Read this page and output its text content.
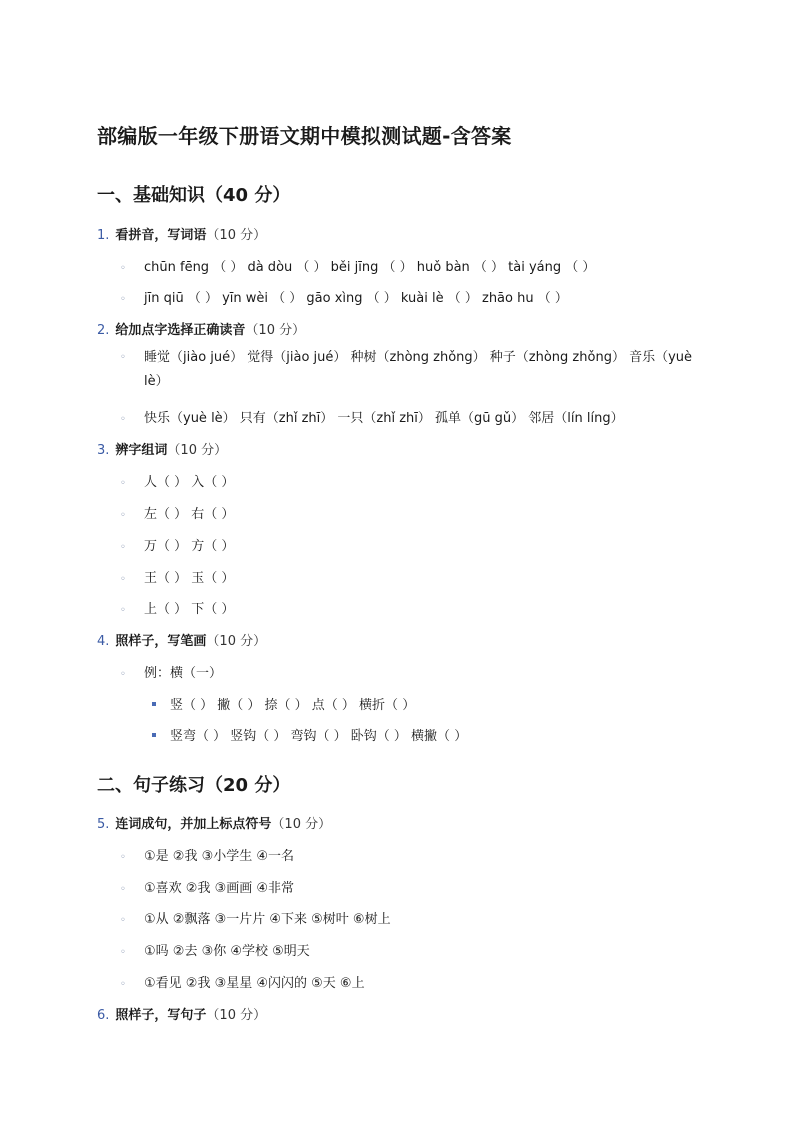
部编版一年级下册语文期中模拟测试题-含答案
一、基础知识（40 分）
1. 看拼音，写词语（10 分）
◦ chūn fēng （ ） dà dòu （ ） běi jīng （ ） huǒ bàn （ ） tài yáng （ ）
◦ jīn qiū （ ） yīn wèi （ ） gāo xìng （ ） kuài lè （ ） zhāo hu （ ）
2. 给加点字选择正确读音（10 分）
◦ 睡觉（jiào jué） 觉得（jiào jué） 种树（zhòng zhǒng） 种子（zhòng zhǒng） 音乐（yuè lè）
◦ 快乐（yuè lè） 只有（zhǐ zhī） 一只（zhǐ zhī） 孤单（gū gǔ） 邻居（lín líng）
3. 辨字组词（10 分）
◦ 人（ ） 入（ ）
◦ 左（ ） 右（ ）
◦ 万（ ） 方（ ）
◦ 王（ ） 玉（ ）
◦ 上（ ） 下（ ）
4. 照样子，写笔画（10 分）
◦ 例：横（一）
竖（ ） 撇（ ） 捺（ ） 点（ ） 横折（ ）
竖弯（ ） 竖钩（ ） 弯钩（ ） 卧钩（ ） 横撇（ ）
二、句子练习（20 分）
5. 连词成句，并加上标点符号（10 分）
◦ ①是 ②我 ③小学生 ④一名
◦ ①喜欢 ②我 ③画画 ④非常
◦ ①从 ②飘落 ③一片片 ④下来 ⑤树叶 ⑥树上
◦ ①吗 ②去 ③你 ④学校 ⑤明天
◦ ①看见 ②我 ③星星 ④闪闪的 ⑤天 ⑥上
6. 照样子，写句子（10 分）
